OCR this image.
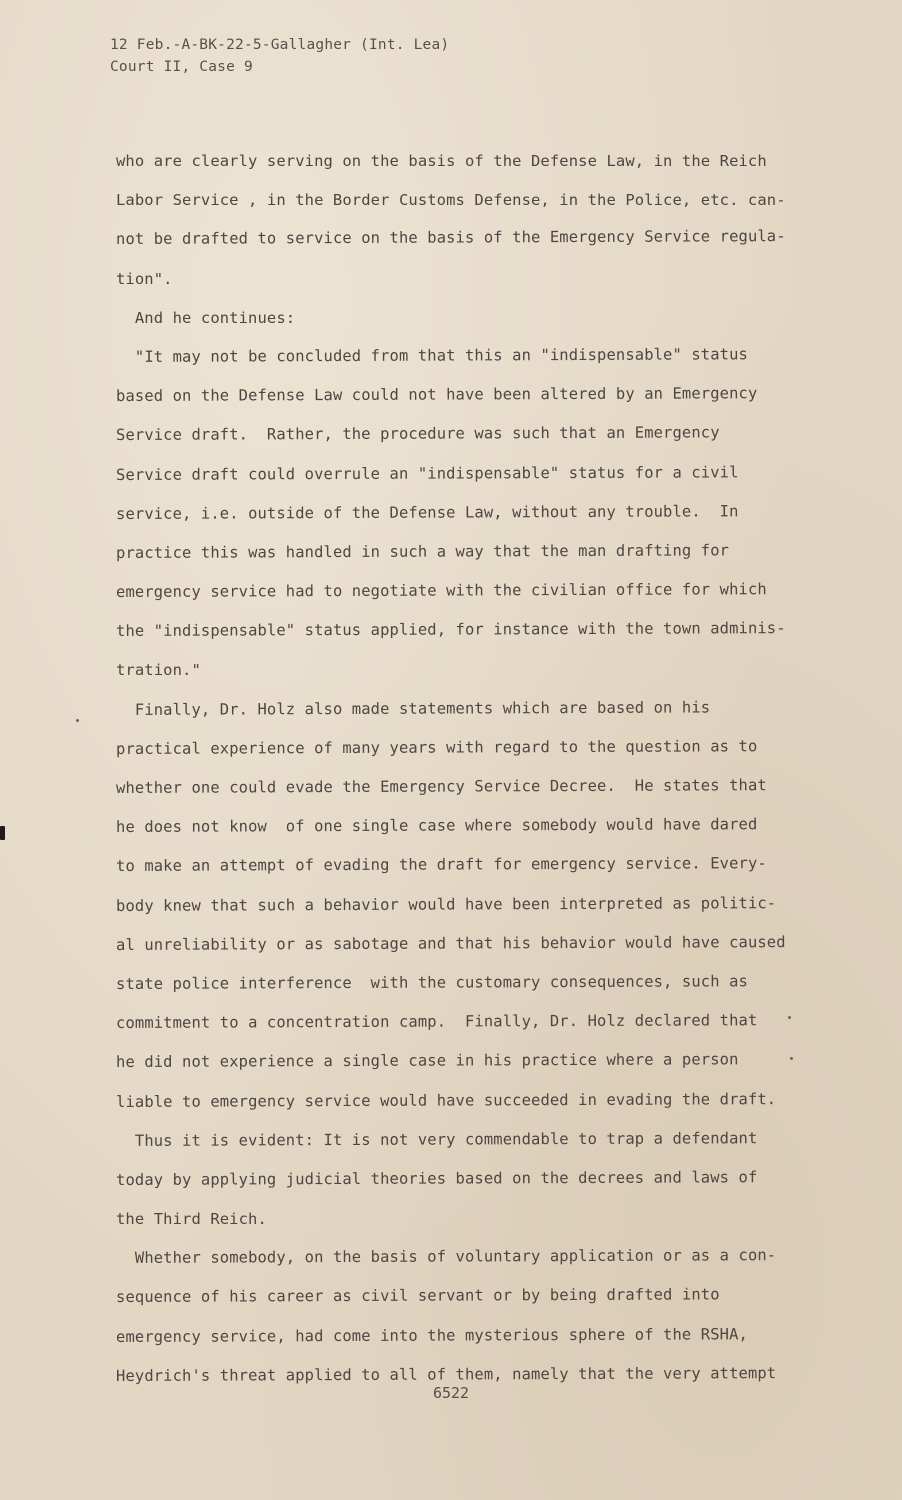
12 Feb.-A-BK-22-5-Gallagher (Int. Lea)
Court II, Case 9
who are clearly serving on the basis of the Defense Law, in the Reich
Labor Service , in the Border Customs Defense, in the Police, etc. can-
not be drafted to service on the basis of the Emergency Service regula-
tion".
And he continues:
"It may not be concluded from that this an "indispensable" status
based on the Defense Law could not have been altered by an Emergency
Service draft.  Rather, the procedure was such that an Emergency
Service draft could overrule an "indispensable" status for a civil
service, i.e. outside of the Defense Law, without any trouble.  In
practice this was handled in such a way that the man drafting for
emergency service had to negotiate with the civilian office for which
the "indispensable" status applied, for instance with the town adminis-
tration."
Finally, Dr. Holz also made statements which are based on his
practical experience of many years with regard to the question as to
whether one could evade the Emergency Service Decree.  He states that
he does not know  of one single case where somebody would have dared
to make an attempt of evading the draft for emergency service. Every-
body knew that such a behavior would have been interpreted as politic-
al unreliability or as sabotage and that his behavior would have caused
state police interference  with the customary consequences, such as
commitment to a concentration camp.  Finally, Dr. Holz declared that
he did not experience a single case in his practice where a person
liable to emergency service would have succeeded in evading the draft.
Thus it is evident: It is not very commendable to trap a defendant
today by applying judicial theories based on the decrees and laws of
the Third Reich.
Whether somebody, on the basis of voluntary application or as a con-
sequence of his career as civil servant or by being drafted into
emergency service, had come into the mysterious sphere of the RSHA,
Heydrich's threat applied to all of them, namely that the very attempt
6522
